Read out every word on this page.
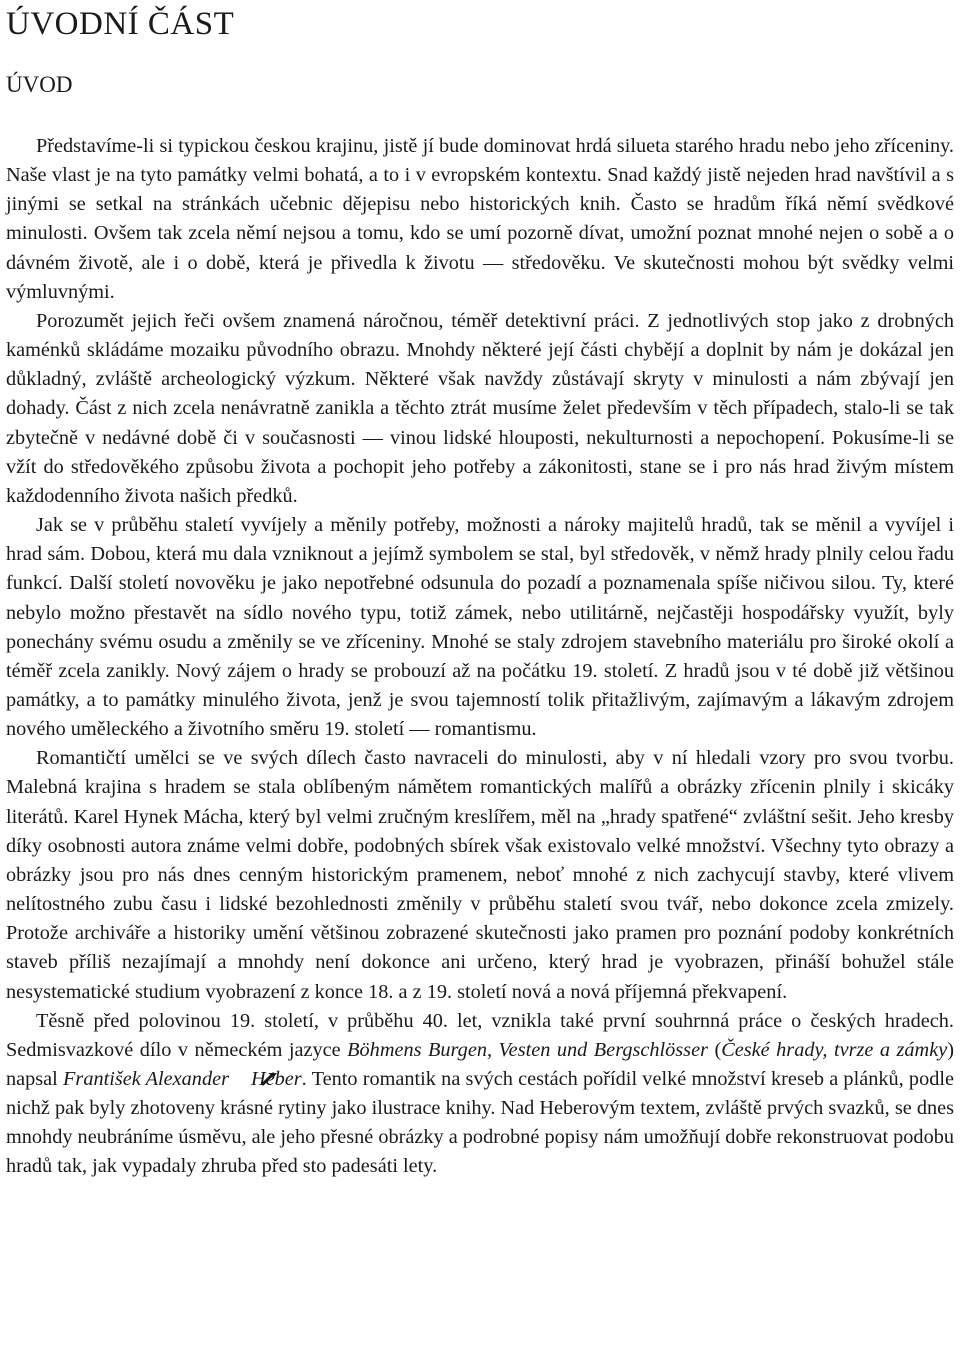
ÚVODNÍ ČÁST
ÚVOD

Představíme-li si typickou českou krajinu, jistě jí bude dominovat hrdá silueta starého hradu nebo jeho zříceniny. Naše vlast je na tyto památky velmi bohatá, a to i v evropském kontextu. Snad každý jistě nejeden hrad navštívil a s jinými se setkal na stránkách učebnic dějepisu nebo historických knih. Často se hradům říká němí svědkové minulosti. Ovšem tak zcela němí nejsou a tomu, kdo se umí pozorně dívat, umožní poznat mnohé nejen o sobě a o dávném životě, ale i o době, která je přivedla k životu — středověku. Ve skutečnosti mohou být svědky velmi výmluvnými.

Porozumět jejich řeči ovšem znamená náročnou, téměř detektivní práci. Z jednotlivých stop jako z drobných kaménků skládáme mozaiku původního obrazu. Mnohdy některé její části chybějí a doplnit by nám je dokázal jen důkladný, zvláště archeologický výzkum. Některé však navždy zůstávají skryty v minulosti a nám zbývají jen dohady. Část z nich zcela nenávratně zanikla a těchto ztrát musíme želet především v těch případech, stalo-li se tak zbytečně v nedávné době či v současnosti — vinou lidské hlouposti, nekulturnosti a nepochopení. Pokusíme-li se vžít do středověkého způsobu života a pochopit jeho potřeby a zákonitosti, stane se i pro nás hrad živým místem každodenního života našich předků.

Jak se v průběhu staletí vyvíjely a měnily potřeby, možnosti a nároky majitelů hradů, tak se měnil a vyvíjel i hrad sám. Dobou, která mu dala vzniknout a jejímž symbolem se stal, byl středověk, v němž hrady plnily celou řadu funkcí. Další století novověku je jako nepotřebné odsunula do pozadí a poznamenala spíše ničivou silou. Ty, které nebylo možno přestavět na sídlo nového typu, totiž zámek, nebo utilitárně, nejčastěji hospodářsky využít, byly ponechány svému osudu a změnily se ve zříceniny. Mnohé se staly zdrojem stavebního materiálu pro široké okolí a téměř zcela zanikly. Nový zájem o hrady se probouzí až na počátku 19. století. Z hradů jsou v té době již většinou památky, a to památky minulého života, jenž je svou tajemností tolik přitažlivým, zajímavým a lákavým zdrojem nového uměleckého a životního směru 19. století — romantismu.

Romantičtí umělci se ve svých dílech často navraceli do minulosti, aby v ní hledali vzory pro svou tvorbu. Malebná krajina s hradem se stala oblíbeným námětem romantických malířů a obrázky zřícenin plnily i skicáky literátů. Karel Hynek Mácha, který byl velmi zručným kreslířem, měl na „hrady spatřené“ zvláštní sešit. Jeho kresby díky osobnosti autora známe velmi dobře, podobných sbírek však existovalo velké množství. Všechny tyto obrazy a obrázky jsou pro nás dnes cenným historickým pramenem, neboť mnohé z nich zachycují stavby, které vlivem nelítostného zubu času i lidské bezohlednosti změnily v průběhu staletí svou tvář, nebo dokonce zcela zmizely. Protože archiváře a historiky umění většinou zobrazené skutečnosti jako pramen pro poznání podoby konkrétních staveb příliš nezajímají a mnohdy není dokonce ani určeno, který hrad je vyobrazen, přináší bohužel stále nesystematické studium vyobrazení z konce 18. a z 19. století nová a nová příjemná překvapení.

Těsně před polovinou 19. století, v průběhu 40. let, vznikla také první souhrnná práce o českých hradech. Sedmisvazkové dílo v německém jazyce Böhmens Burgen, Vesten und Bergschlösser (České hrady, tvrze a zámky) napsal František Alexander Heber. Tento romantik na svých cestách pořídil velké množství kreseb a plánků, podle nichž pak byly zhotoveny krásné rytiny jako ilustrace knihy. Nad Heberovým textem, zvláště prvých svazků, se dnes mnohdy neubráníme úsměvu, ale jeho přesné obrázky a podrobné popisy nám umožňují dobře rekonstruovat podobu hradů tak, jak vypadaly zhruba před sto padesáti lety.
